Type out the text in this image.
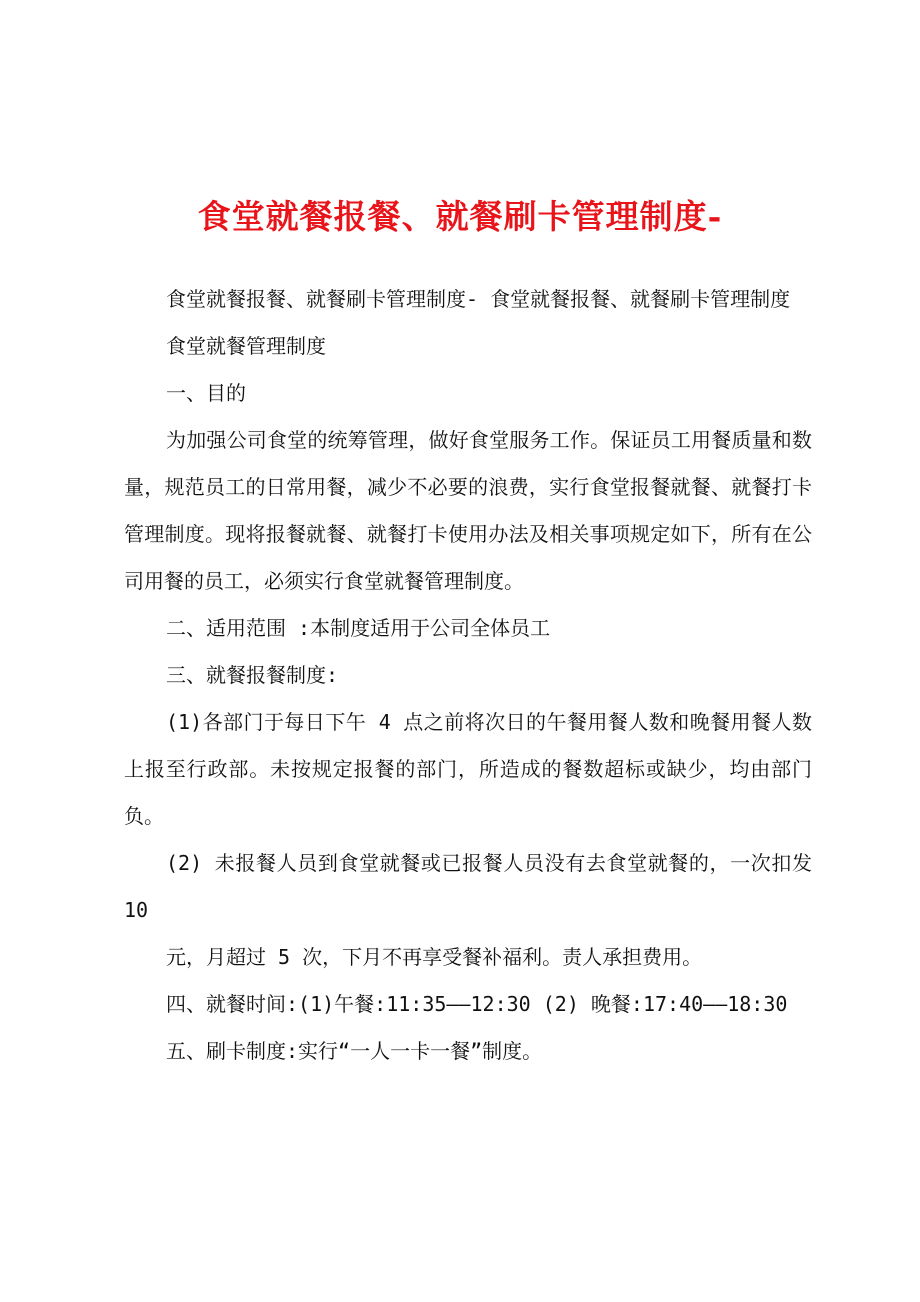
食堂就餐报餐、就餐刷卡管理制度-

食堂就餐报餐、就餐刷卡管理制度- 食堂就餐报餐、就餐刷卡管理制度

食堂就餐管理制度

一、目的

为加强公司食堂的统筹管理，做好食堂服务工作。保证员工用餐质量和数量，规范员工的日常用餐，减少不必要的浪费，实行食堂报餐就餐、就餐打卡管理制度。现将报餐就餐、就餐打卡使用办法及相关事项规定如下，所有在公司用餐的员工，必须实行食堂就餐管理制度。

二、适用范围 :本制度适用于公司全体员工

三、就餐报餐制度:

(1)各部门于每日下午 4 点之前将次日的午餐用餐人数和晚餐用餐人数上报至行政部。未按规定报餐的部门，所造成的餐数超标或缺少，均由部门负。

(2) 未报餐人员到食堂就餐或已报餐人员没有去食堂就餐的，一次扣发 10

元，月超过 5 次，下月不再享受餐补福利。责人承担费用。

四、就餐时间:(1)午餐:11:35——12:30 (2) 晚餐:17:40——18:30

五、刷卡制度:实行“一人一卡一餐”制度。
